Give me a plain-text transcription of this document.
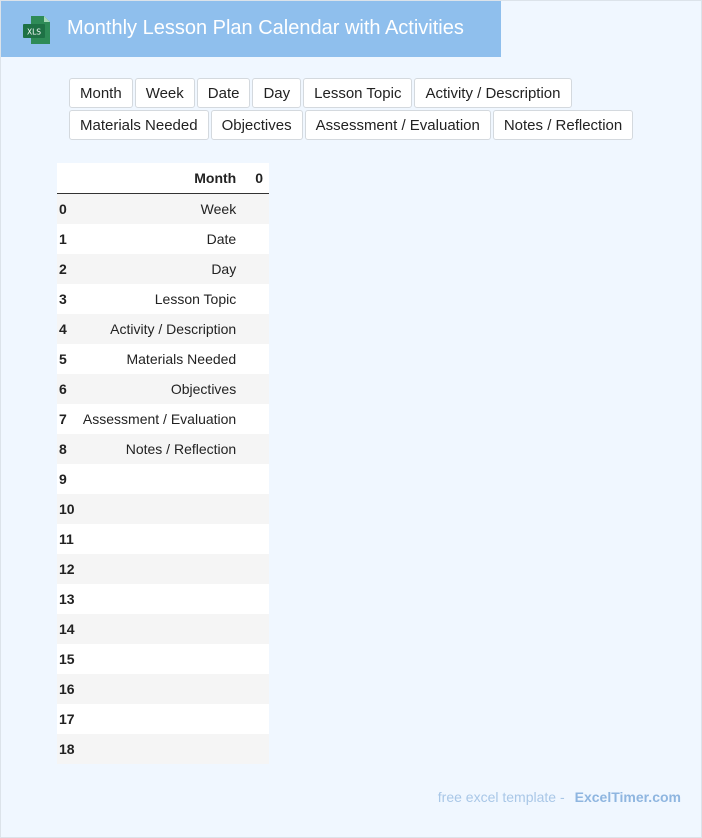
XLS Monthly Lesson Plan Calendar with Activities
Month	Week	Date	Day	Lesson Topic	Activity / Description
Materials Needed	Objectives	Assessment / Evaluation	Notes / Reflection
	Month	0
0	Week	
1	Date	
2	Day	
3	Lesson Topic	
4	Activity / Description	
5	Materials Needed	
6	Objectives	
7	Assessment / Evaluation	
8	Notes / Reflection	
9		
10		
11		
12		
13		
14		
15		
16		
17		
18		
free excel template - ExcelTimer.com
